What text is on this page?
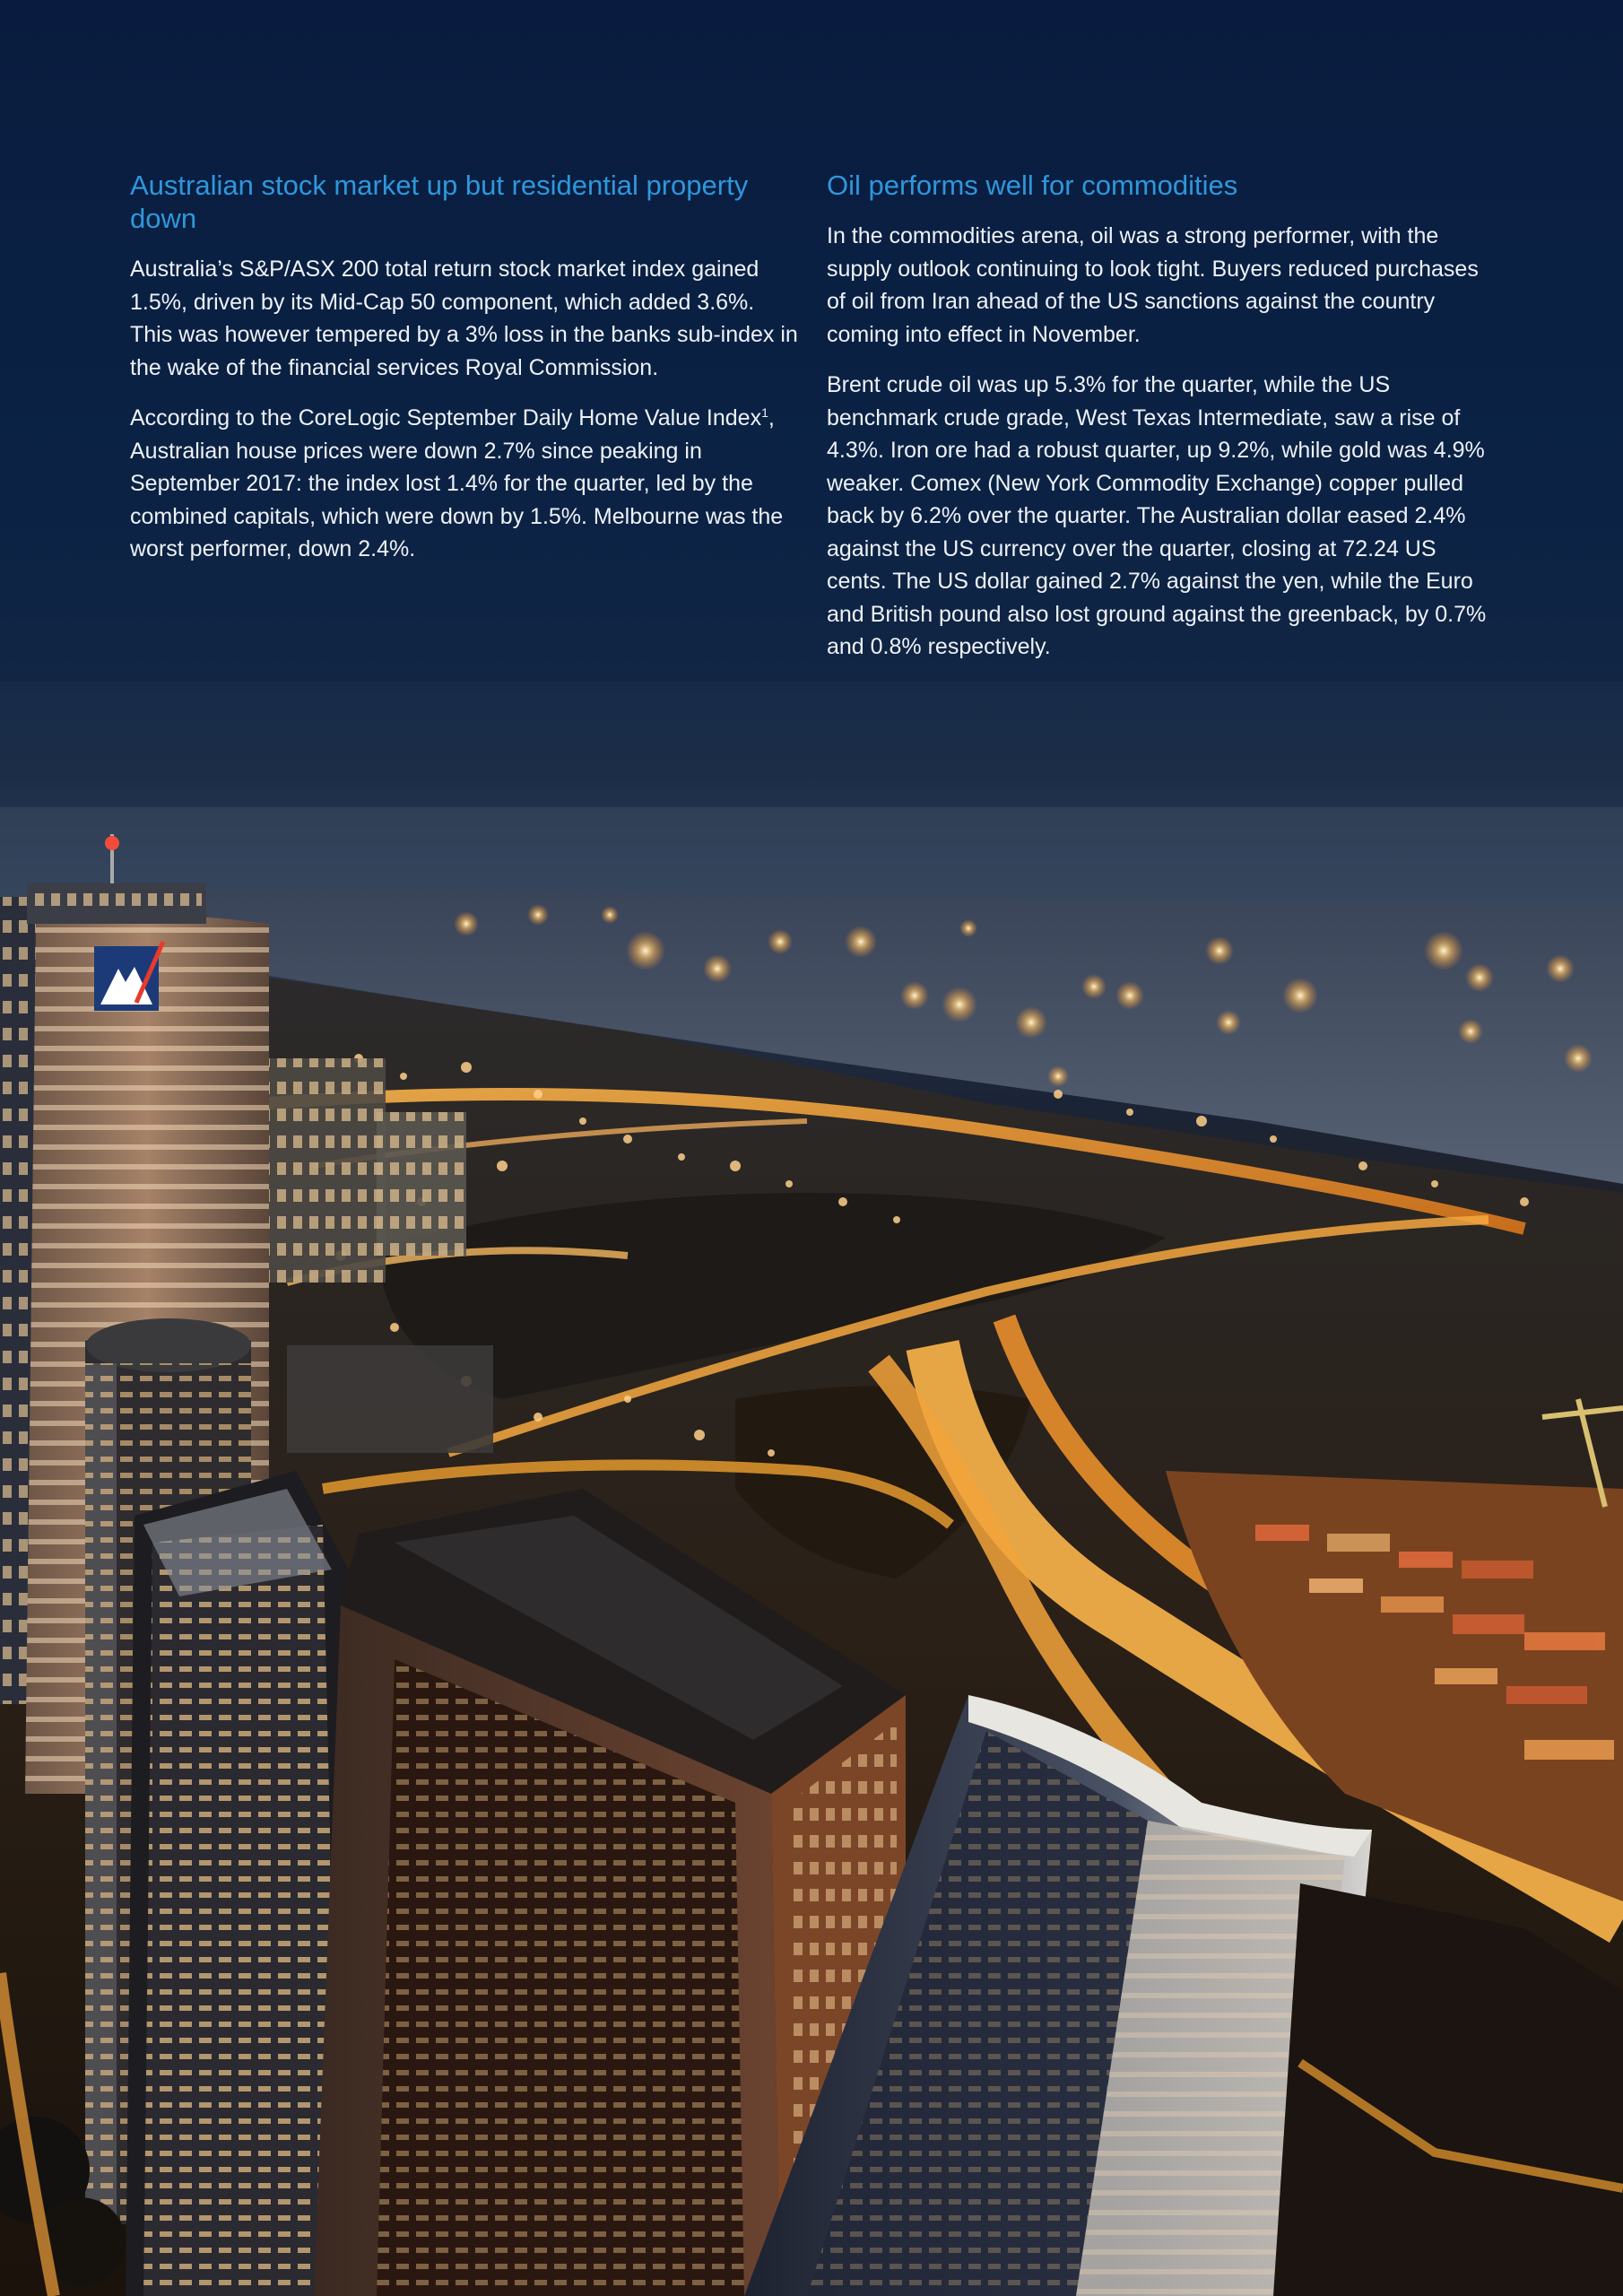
Australian stock market up but residential property down

Australia’s S&P/ASX 200 total return stock market index gained 1.5%, driven by its Mid-Cap 50 component, which added 3.6%. This was however tempered by a 3% loss in the banks sub-index in the wake of the financial services Royal Commission.

According to the CoreLogic September Daily Home Value Index$^1$, Australian house prices were down 2.7% since peaking in September 2017: the index lost 1.4% for the quarter, led by the combined capitals, which were down by 1.5%. Melbourne was the worst performer, down 2.4%.

Oil performs well for commodities

In the commodities arena, oil was a strong performer, with the supply outlook continuing to look tight. Buyers reduced purchases of oil from Iran ahead of the US sanctions against the country coming into effect in November.

Brent crude oil was up 5.3% for the quarter, while the US benchmark crude grade, West Texas Intermediate, saw a rise of 4.3%. Iron ore had a robust quarter, up 9.2%, while gold was 4.9% weaker. Comex (New York Commodity Exchange) copper pulled back by 6.2% over the quarter. The Australian dollar eased 2.4% against the US currency over the quarter, closing at 72.24 US cents. The US dollar gained 2.7% against the yen, while the Euro and British pound also lost ground against the greenback, by 0.7% and 0.8% respectively.
